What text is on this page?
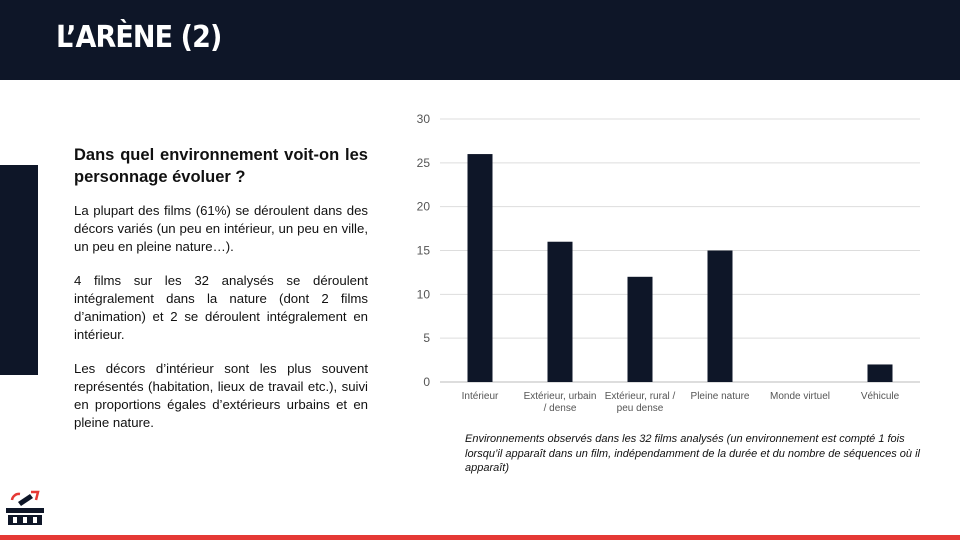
L’ARÈNE (2)
Dans quel environnement voit-on les personnage évoluer ?

La plupart des films (61%) se déroulent dans des décors variés (un peu en intérieur, un peu en ville, un peu en pleine nature…).

4 films sur les 32 analysés se déroulent intégralement dans la nature (dont 2 films d’animation) et 2 se déroulent intégralement en intérieur.

Les décors d’intérieur sont les plus souvent représentés (habitation, lieux de travail etc.), suivi en proportions égales d’extérieurs urbains et en pleine nature.

0
5
10
15
20
25
30
Intérieur	Extérieur, urbain
/ dense
Extérieur, rural /
peu dense
Pleine nature Monde virtuel	Véhicule
Environnements observés dans les 32 films analysés (un environnement est compté 1 fois lorsqu’il apparaît dans un film, indépendamment de la durée et du nombre de séquences où il apparaît)
